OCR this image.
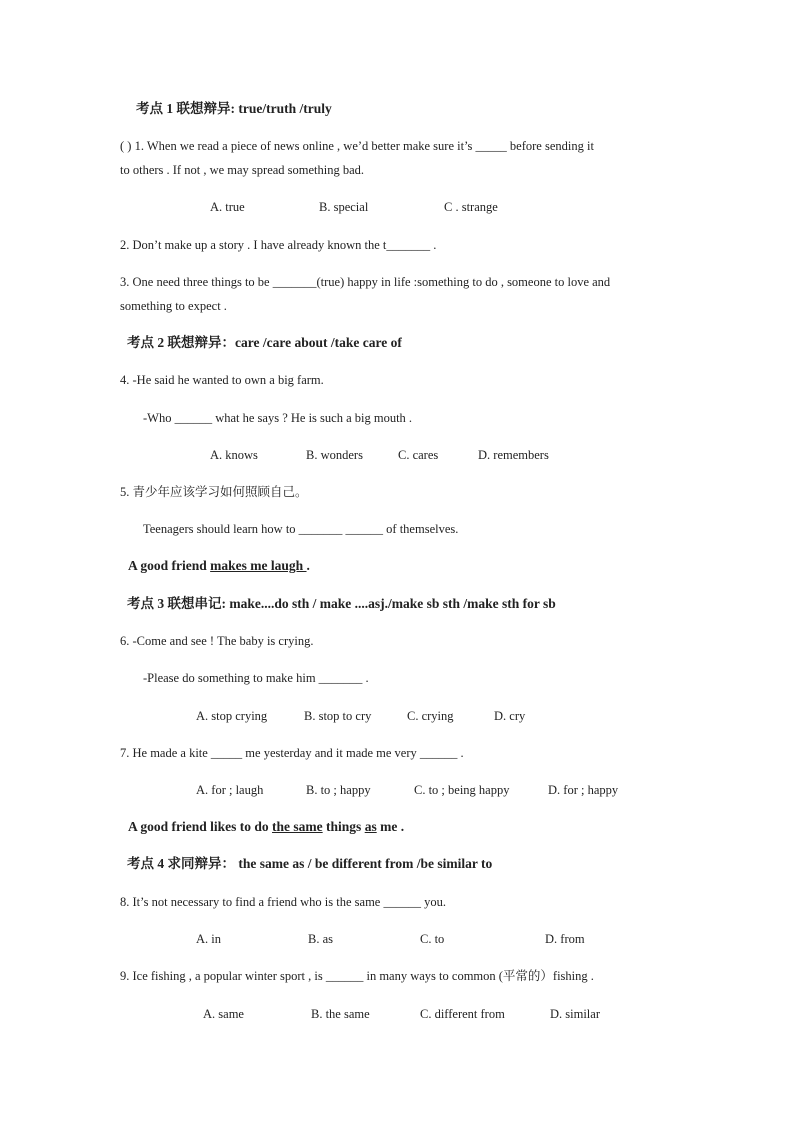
考点 1 联想辩异: true/truth /truly
( ) 1. When we read a piece of news online , we’d better make sure it’s _____ before sending it
to others . If not , we may spread something bad.
A. true	B. special	C . strange
2. Don’t make up a story . I have already known the t_______ .
3. One need three things to be _______(true) happy in life :something to do , someone to love and
something to expect .
考点 2 联想辩异：care /care about /take care of
4. -He said he wanted to own a big farm.
-Who ______ what he says ? He is such a big mouth .
A. knows	B. wonders	C. cares	D. remembers
5. 青少年应该学习如何照顾自己。
Teenagers should learn how to _______ ______ of themselves.
A good friend makes me laugh .
考点 3 联想串记: make....do sth / make ....asj./make sb sth /make sth for sb
6. -Come and see ! The baby is crying.
-Please do something to make him _______ .
A. stop crying	B. stop to cry	C. crying	D. cry
7. He made a kite _____ me yesterday and it made me very ______ .
A. for ; laugh	B. to ; happy	C. to ; being happy	D. for ; happy
A good friend likes to do the same things as me .
考点 4 求同辩异： the same as / be different from /be similar to
8. It’s not necessary to find a friend who is the same ______ you.
A. in	B. as	C. to	D. from
9. Ice fishing , a popular winter sport , is ______ in many ways to common (平常的）fishing .
A. same	B. the same	C. different from	D. similar
